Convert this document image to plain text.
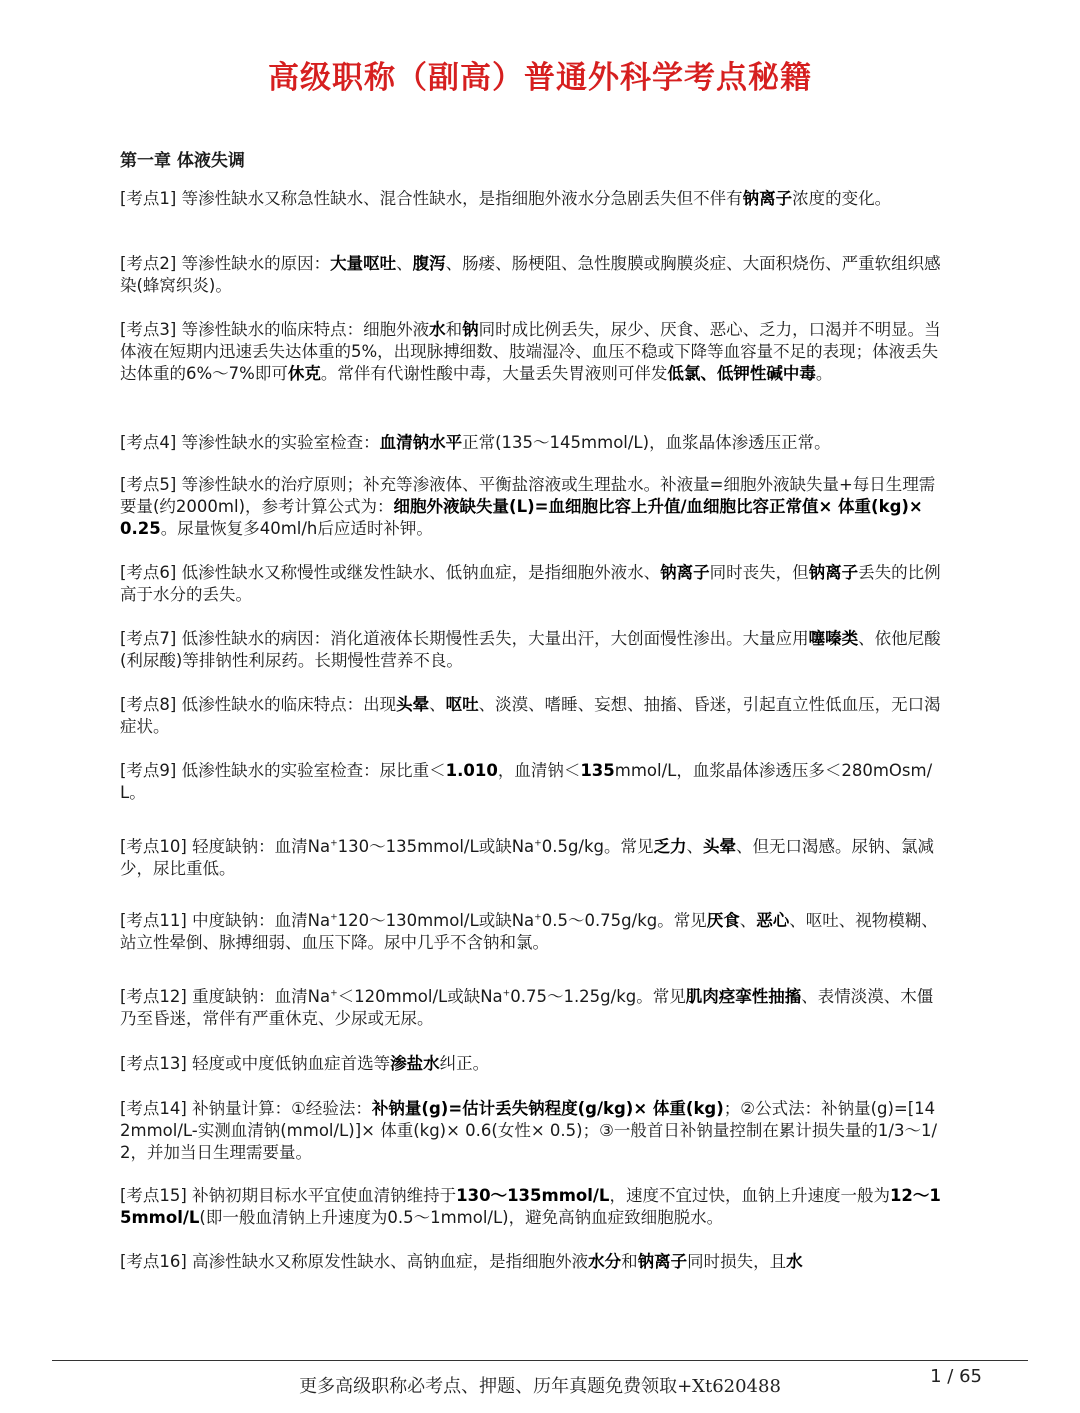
高级职称（副高）普通外科学考点秘籍
第一章 体液失调

[考点1] 等渗性缺水又称急性缺水、混合性缺水，是指细胞外液水分急剧丢失但不伴有钠离子浓度的变化。

[考点2] 等渗性缺水的原因：大量呕吐、腹泻、肠瘘、肠梗阻、急性腹膜或胸膜炎症、大面积烧伤、严重软组织感染(蜂窝织炎)。

[考点3] 等渗性缺水的临床特点：细胞外液水和钠同时成比例丢失，尿少、厌食、恶心、乏力，口渴并不明显。当体液在短期内迅速丢失达体重的5%，出现脉搏细数、肢端湿冷、血压不稳或下降等血容量不足的表现；体液丢失达体重的6%～7%即可休克。常伴有代谢性酸中毒，大量丢失胃液则可伴发低氯、低钾性碱中毒。

[考点4] 等渗性缺水的实验室检查：血清钠水平正常(135～145mmol/L)，血浆晶体渗透压正常。

[考点5] 等渗性缺水的治疗原则；补充等渗液体、平衡盐溶液或生理盐水。补液量=细胞外液缺失量+每日生理需要量(约2000ml)，参考计算公式为：细胞外液缺失量(L)=血细胞比容上升值/血细胞比容正常值× 体重(kg)× 0.25。尿量恢复多40ml/h后应适时补钾。

[考点6] 低渗性缺水又称慢性或继发性缺水、低钠血症，是指细胞外液水、钠离子同时丧失，但钠离子丢失的比例高于水分的丢失。

[考点7] 低渗性缺水的病因：消化道液体长期慢性丢失，大量出汗，大创面慢性渗出。大量应用噻嗪类、依他尼酸(利尿酸)等排钠性利尿药。长期慢性营养不良。

[考点8] 低渗性缺水的临床特点：出现头晕、呕吐、淡漠、嗜睡、妄想、抽搐、昏迷，引起直立性低血压，无口渴症状。

[考点9] 低渗性缺水的实验室检查：尿比重＜1.010，血清钠＜135mmol/L，血浆晶体渗透压多＜280mOsm/L。

[考点10] 轻度缺钠：血清Na+130～135mmol/L或缺Na+0.5g/kg。常见乏力、头晕、但无口渴感。尿钠、氯减少，尿比重低。

[考点11] 中度缺钠：血清Na+120～130mmol/L或缺Na+0.5～0.75g/kg。常见厌食、恶心、呕吐、视物模糊、站立性晕倒、脉搏细弱、血压下降。尿中几乎不含钠和氯。

[考点12] 重度缺钠：血清Na+＜120mmol/L或缺Na+0.75～1.25g/kg。常见肌肉痉挛性抽搐、表情淡漠、木僵乃至昏迷，常伴有严重休克、少尿或无尿。

[考点13] 轻度或中度低钠血症首选等渗盐水纠正。

[考点14] 补钠量计算：①经验法：补钠量(g)=估计丢失钠程度(g/kg)× 体重(kg)；②公式法：补钠量(g)=[142mmol/L-实测血清钠(mmol/L)]× 体重(kg)× 0.6(女性× 0.5)；③一般首日补钠量控制在累计损失量的1/3～1/2，并加当日生理需要量。

[考点15] 补钠初期目标水平宜使血清钠维持于130～135mmol/L，速度不宜过快，血钠上升速度一般为12～15mmol/L(即一般血清钠上升速度为0.5～1mmol/L)，避免高钠血症致细胞脱水。

[考点16] 高渗性缺水又称原发性缺水、高钠血症，是指细胞外液水分和钠离子同时损失，且水

更多高级职称必考点、押题、历年真题免费领取+Xt620488	1 / 65
